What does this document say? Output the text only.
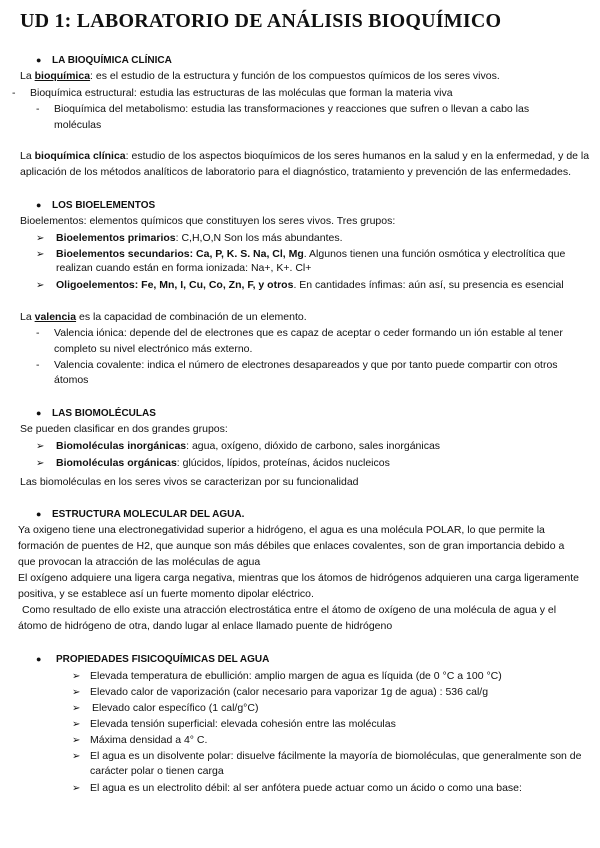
UD 1: LABORATORIO DE ANÁLISIS BIOQUÍMICO
● LA BIOQUÍMICA CLÍNICA
La bioquímica: es el estudio de la estructura y función de los compuestos químicos de los seres vivos.
- Bioquímica estructural: estudia las estructuras de las moléculas que forman la materia viva
- Bioquímica del metabolismo: estudia las transformaciones y reacciones que sufren o llevan a cabo las
moléculas
La bioquímica clínica: estudio de los aspectos bioquímicos de los seres humanos en la salud y en la enfermedad, y de la
aplicación de los métodos analíticos de laboratorio para el diagnóstico, tratamiento y prevención de las enfermedades.
● LOS BIOELEMENTOS
Bioelementos: elementos químicos que constituyen los seres vivos. Tres grupos:
➢ Bioelementos primarios: C,H,O,N Son los más abundantes.
➢ Bioelementos secundarios: Ca, P, K. S. Na, Cl, Mg. Algunos tienen una función osmótica y electrolítica que
realizan cuando están en forma ionizada: Na+, K+. Cl+
➢ Oligoelementos: Fe, Mn, I, Cu, Co, Zn, F, y otros. En cantidades ínfimas: aún así, su presencia es esencial
La valencia es la capacidad de combinación de un elemento.
- Valencia iónica: depende del de electrones que es capaz de aceptar o ceder formando un ión estable al tener
completo su nivel electrónico más externo.
- Valencia covalente: indica el número de electrones desapareados y que por tanto puede compartir con otros
átomos
● LAS BIOMOLÉCULAS
Se pueden clasificar en dos grandes grupos:
➢ Biomoléculas inorgánicas: agua, oxígeno, dióxido de carbono, sales inorgánicas
➢ Biomoléculas orgánicas: glúcidos, lípidos, proteínas, ácidos nucleicos
Las biomoléculas en los seres vivos se caracterizan por su funcionalidad
● ESTRUCTURA MOLECULAR DEL AGUA.
Ya oxigeno tiene una electronegatividad superior a hidrógeno, el agua es una molécula POLAR, lo que permite la
formación de puentes de H2, que aunque son más débiles que enlaces covalentes, son de gran importancia debido a
que provocan la atracción de las moléculas de agua
El oxígeno adquiere una ligera carga negativa, mientras que los átomos de hidrógenos adquieren una carga ligeramente
positiva, y se establece así un fuerte momento dipolar eléctrico.
Como resultado de ello existe una atracción electrostática entre el átomo de oxígeno de una molécula de agua y el
átomo de hidrógeno de otra, dando lugar al enlace llamado puente de hidrógeno
● PROPIEDADES FISICOQUÍMICAS DEL AGUA
➢ Elevada temperatura de ebullición: amplio margen de agua es líquida (de 0 °C a 100 °C)
➢ Elevado calor de vaporización (calor necesario para vaporizar 1g de agua) : 536 cal/g
➢ Elevado calor específico (1 cal/g°C)
➢ Elevada tensión superficial: elevada cohesión entre las moléculas
➢ Máxima densidad a 4° C.
➢ El agua es un disolvente polar: disuelve fácilmente la mayoría de biomoléculas, que generalmente son de
carácter polar o tienen carga
➢ El agua es un electrolito débil: al ser anfótera puede actuar como un ácido o como una base:
